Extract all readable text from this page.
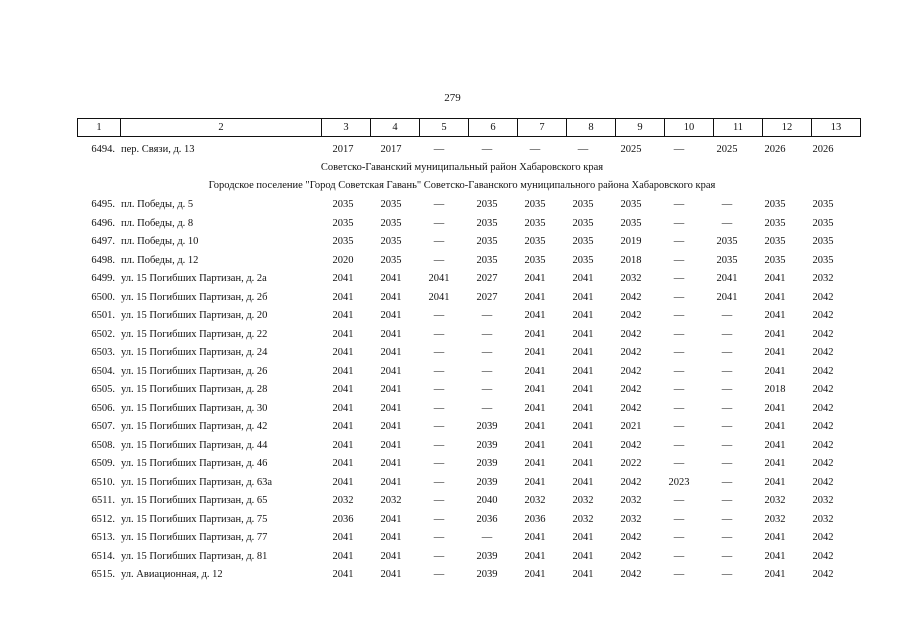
279
1	2	3	4	5	6	7	8	9	10	11	12	13
6494. пер. Связи, д. 13	2017	2017	—	—	—	—	2025	—	2025	2026	2026
Советско-Гаванский муниципальный район Хабаровского края
Городское поселение "Город Советская Гавань" Советско-Гаванского муниципального района Хабаровского края
6495. пл. Победы, д. 5	2035	2035	—	2035	2035	2035	2035	—	—	2035	2035
6496. пл. Победы, д. 8	2035	2035	—	2035	2035	2035	2035	—	—	2035	2035
6497. пл. Победы, д. 10	2035	2035	—	2035	2035	2035	2019	—	2035	2035	2035
6498. пл. Победы, д. 12	2020	2035	—	2035	2035	2035	2018	—	2035	2035	2035
6499. ул. 15 Погибших Партизан, д. 2а	2041	2041	2041	2027	2041	2041	2032	—	2041	2041	2032
6500. ул. 15 Погибших Партизан, д. 2б	2041	2041	2041	2027	2041	2041	2042	—	2041	2041	2042
6501. ул. 15 Погибших Партизан, д. 20	2041	2041	—	—	2041	2041	2042	—	—	2041	2042
6502. ул. 15 Погибших Партизан, д. 22	2041	2041	—	—	2041	2041	2042	—	—	2041	2042
6503. ул. 15 Погибших Партизан, д. 24	2041	2041	—	—	2041	2041	2042	—	—	2041	2042
6504. ул. 15 Погибших Партизан, д. 26	2041	2041	—	—	2041	2041	2042	—	—	2041	2042
6505. ул. 15 Погибших Партизан, д. 28	2041	2041	—	—	2041	2041	2042	—	—	2018	2042
6506. ул. 15 Погибших Партизан, д. 30	2041	2041	—	—	2041	2041	2042	—	—	2041	2042
6507. ул. 15 Погибших Партизан, д. 42	2041	2041	—	2039	2041	2041	2021	—	—	2041	2042
6508. ул. 15 Погибших Партизан, д. 44	2041	2041	—	2039	2041	2041	2042	—	—	2041	2042
6509. ул. 15 Погибших Партизан, д. 46	2041	2041	—	2039	2041	2041	2022	—	—	2041	2042
6510. ул. 15 Погибших Партизан, д. 63а	2041	2041	—	2039	2041	2041	2042	2023	—	2041	2042
6511. ул. 15 Погибших Партизан, д. 65	2032	2032	—	2040	2032	2032	2032	—	—	2032	2032
6512. ул. 15 Погибших Партизан, д. 75	2036	2041	—	2036	2036	2032	2032	—	—	2032	2032
6513. ул. 15 Погибших Партизан, д. 77	2041	2041	—	—	2041	2041	2042	—	—	2041	2042
6514. ул. 15 Погибших Партизан, д. 81	2041	2041	—	2039	2041	2041	2042	—	—	2041	2042
6515. ул. Авиационная, д. 12	2041	2041	—	2039	2041	2041	2042	—	—	2041	2042
